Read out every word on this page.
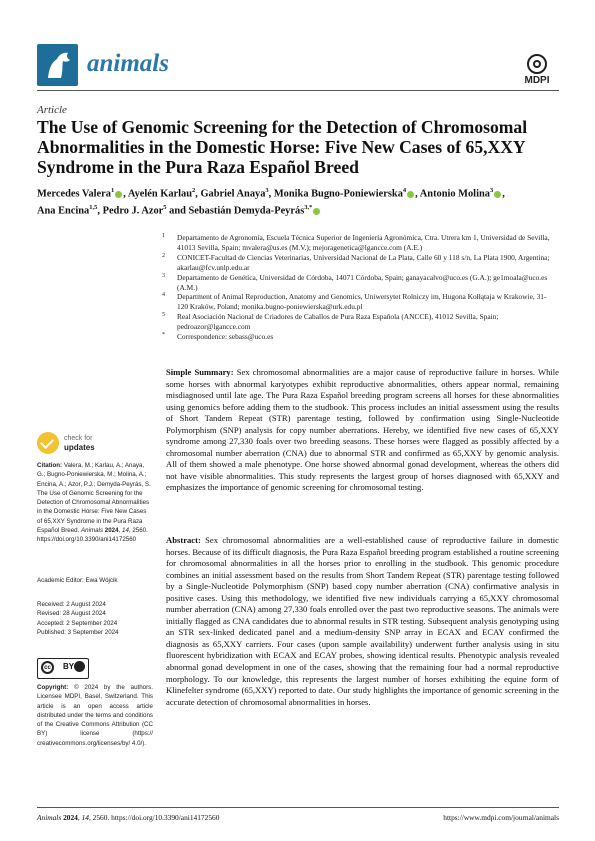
animals
MDPI
Article
The Use of Genomic Screening for the Detection of Chromosomal Abnormalities in the Domestic Horse: Five New Cases of 65,XXY Syndrome in the Pura Raza Español Breed
Mercedes Valera$^1$ , Ayelén Karlau$^2$, Gabriel Anaya$^3$, Monika Bugno-Poniewierska$^4$ , Antonio Molina$^3$ ,
Ana Encina$^{1,5}$, Pedro J. Azor$^5$ and Sebastián Demyda-Peyrás$^{3,*}$
1 Departamento de Agronomía, Escuela Técnica Superior de Ingeniería Agronómica, Ctra. Utrera km 1, Universidad de Sevilla, 41013 Sevilla, Spain; mvalera@us.es (M.V.); mejoragenetica@lgancce.com (A.E.)
2 CONICET-Facultad de Ciencias Veterinarias, Universidad Nacional de La Plata, Calle 60 y 118 s/n, La Plata 1900, Argentina; akarlau@fcv.unlp.edu.ar
3 Departamento de Genética, Universidad de Córdoba, 14071 Córdoba, Spain; ganayacalvo@uco.es (G.A.); ge1moala@uco.es (A.M.)
4 Department of Animal Reproduction, Anatomy and Genomics, Uniwersytet Rolniczy im, Hugona Kołłątaja w Krakowie, 31-120 Kraków, Poland; monika.bugno-poniewierska@urk.edu.pl
5 Real Asociación Nacional de Criadores de Caballos de Pura Raza Española (ANCCE), 41012 Sevilla, Spain; pedroazor@lgancce.com
* Correspondence: sebass@uco.es
Simple Summary: Sex chromosomal abnormalities are a major cause of reproductive failure in horses. While some horses with abnormal karyotypes exhibit reproductive abnormalities, others appear normal, remaining misdiagnosed until late age. The Pura Raza Español breeding program screens all horses for these abnormalities using genomics before adding them to the studbook. This process includes an initial assessment using the results of Short Tandem Repeat (STR) parentage testing, followed by confirmation using Single-Nucleotide Polymorphism (SNP) analysis for copy number aberrations. Hereby, we identified five new cases of 65,XXY syndrome among 27,330 foals over two breeding seasons. These horses were flagged as possibly affected by a chromosomal number aberration (CNA) due to abnormal STR and confirmed as 65,XXY by genomic analysis. All of them showed a male phenotype. One horse showed abnormal gonad development, whereas the others did not have visible abnormalities. This study represents the largest group of horses diagnosed with 65,XXY and emphasizes the importance of genomic screening for chromosomal testing.
Abstract: Sex chromosomal abnormalities are a well-established cause of reproductive failure in domestic horses. Because of its difficult diagnosis, the Pura Raza Español breeding program established a routine screening for chromosomal abnormalities in all the horses prior to enrolling in the studbook. This genomic procedure combines an initial assessment based on the results from Short Tandem Repeat (STR) parentage testing followed by a Single-Nucleotide Polymorphism (SNP) based copy number aberration (CNA) confirmative analysis in positive cases. Using this methodology, we identified five new individuals carrying a 65,XXY chromosomal number aberration (CNA) among 27,330 foals enrolled over the past two reproductive seasons. The animals were initially flagged as CNA candidates due to abnormal results in STR testing. Subsequent analysis genotyping using an STR sex-linked dedicated panel and a medium-density SNP array in ECAX and ECAY confirmed the diagnosis as 65,XXY carriers. Four cases (upon sample availability) underwent further analysis using in situ fluorescent hybridization with ECAX and ECAY probes, showing identical results. Phenotypic analysis revealed abnormal gonad development in one of the cases, showing that the remaining four had a normal reproductive morphology. To our knowledge, this represents the largest number of horses exhibiting the equine form of Klinefelter syndrome (65,XXY) reported to date. Our study highlights the importance of genomic screening in the accurate detection of chromosomal abnormalities in horses.
check for
updates
Citation: Valera, M.; Karlau, A.; Anaya, G.; Bugno-Poniewierska, M.; Molina, A.; Encina, A.; Azor, P.J.; Demyda-Peyrás, S. The Use of Genomic Screening for the Detection of Chromosomal Abnormalities in the Domestic Horse: Five New Cases of 65,XXY Syndrome in the Pura Raza Español Breed. Animals 2024, 14, 2560. https://doi.org/10.3390/ani14172560
Academic Editor: Ewa Wójcik
Received: 2 August 2024
Revised: 28 August 2024
Accepted: 2 September 2024
Published: 3 September 2024
cc	BY
Copyright: © 2024 by the authors. Licensee MDPI, Basel, Switzerland. This article is an open access article distributed under the terms and conditions of the Creative Commons Attribution (CC BY) license (https:// creativecommons.org/licenses/by/ 4.0/).
Animals 2024, 14, 2560. https://doi.org/10.3390/ani14172560	https://www.mdpi.com/journal/animals
